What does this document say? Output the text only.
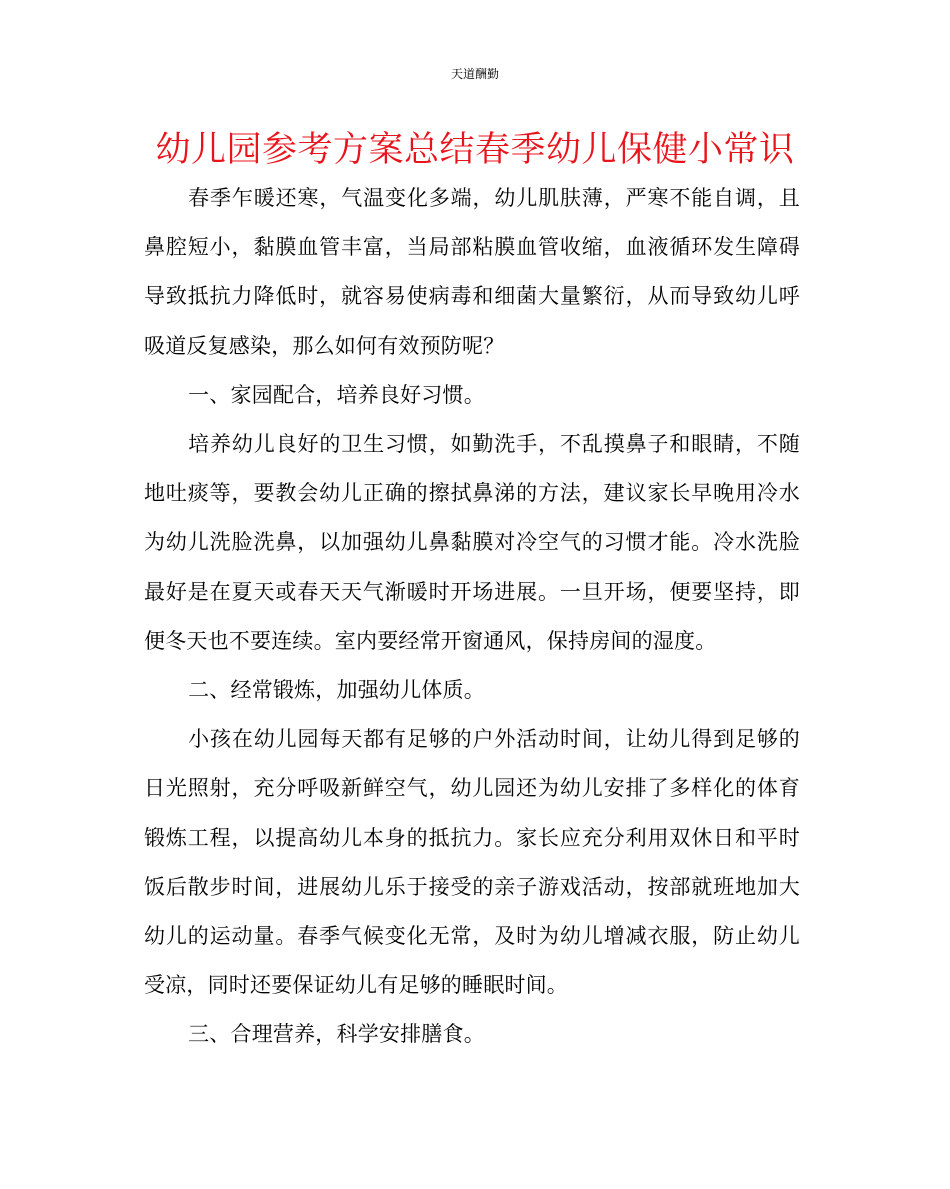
天道酬勤
幼儿园参考方案总结春季幼儿保健小常识

春季乍暖还寒，气温变化多端，幼儿肌肤薄，严寒不能自调，且鼻腔短小，黏膜血管丰富，当局部粘膜血管收缩，血液循环发生障碍导致抵抗力降低时，就容易使病毒和细菌大量繁衍，从而导致幼儿呼吸道反复感染，那么如何有效预防呢？

一、家园配合，培养良好习惯。

培养幼儿良好的卫生习惯，如勤洗手，不乱摸鼻子和眼睛，不随地吐痰等，要教会幼儿正确的擦拭鼻涕的方法，建议家长早晚用冷水为幼儿洗脸洗鼻，以加强幼儿鼻黏膜对冷空气的习惯才能。冷水洗脸最好是在夏天或春天天气渐暖时开场进展。一旦开场，便要坚持，即便冬天也不要连续。室内要经常开窗通风，保持房间的湿度。

二、经常锻炼，加强幼儿体质。

小孩在幼儿园每天都有足够的户外活动时间，让幼儿得到足够的日光照射，充分呼吸新鲜空气，幼儿园还为幼儿安排了多样化的体育锻炼工程，以提高幼儿本身的抵抗力。家长应充分利用双休日和平时饭后散步时间，进展幼儿乐于接受的亲子游戏活动，按部就班地加大幼儿的运动量。春季气候变化无常，及时为幼儿增减衣服，防止幼儿受凉，同时还要保证幼儿有足够的睡眠时间。

三、合理营养，科学安排膳食。
